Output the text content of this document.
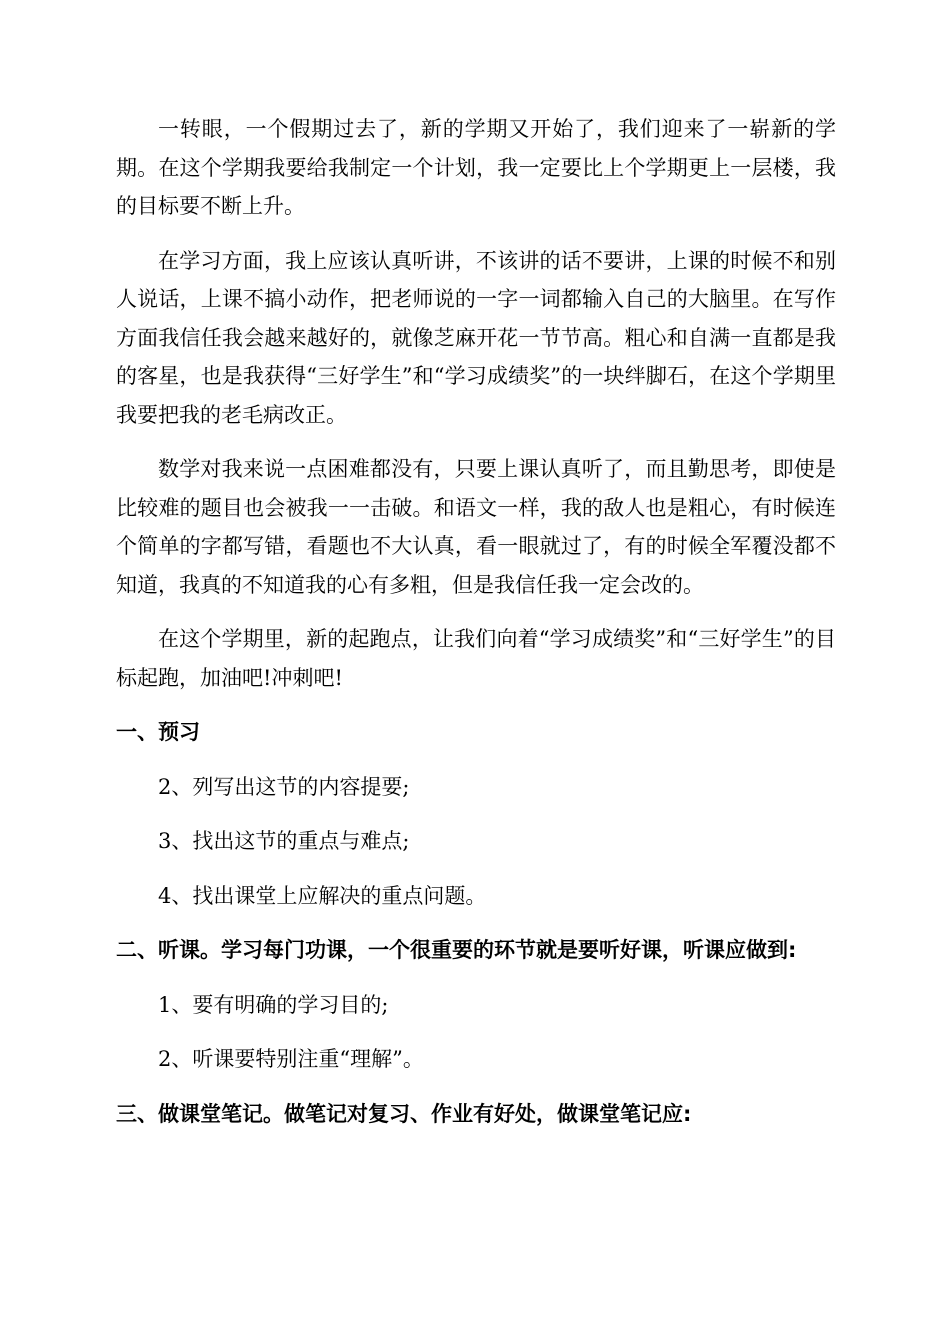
一转眼，一个假期过去了，新的学期又开始了，我们迎来了一崭新的学期。在这个学期我要给我制定一个计划，我一定要比上个学期更上一层楼，我的目标要不断上升。

在学习方面，我上应该认真听讲，不该讲的话不要讲，上课的时候不和别人说话，上课不搞小动作，把老师说的一字一词都输入自己的大脑里。在写作方面我信任我会越来越好的，就像芝麻开花一节节高。粗心和自满一直都是我的客星，也是我获得“三好学生”和“学习成绩奖”的一块绊脚石，在这个学期里我要把我的老毛病改正。

数学对我来说一点困难都没有，只要上课认真听了，而且勤思考，即使是比较难的题目也会被我一一击破。和语文一样，我的敌人也是粗心，有时候连个简单的字都写错，看题也不大认真，看一眼就过了，有的时候全军覆没都不知道，我真的不知道我的心有多粗，但是我信任我一定会改的。

在这个学期里，新的起跑点，让我们向着“学习成绩奖”和“三好学生”的目标起跑，加油吧!冲刺吧!

一、预习
2、列写出这节的内容提要;
3、找出这节的重点与难点;
4、找出课堂上应解决的重点问题。
二、听课。学习每门功课，一个很重要的环节就是要听好课，听课应做到:
1、要有明确的学习目的;
2、听课要特别注重“理解”。
三、做课堂笔记。做笔记对复习、作业有好处，做课堂笔记应:
